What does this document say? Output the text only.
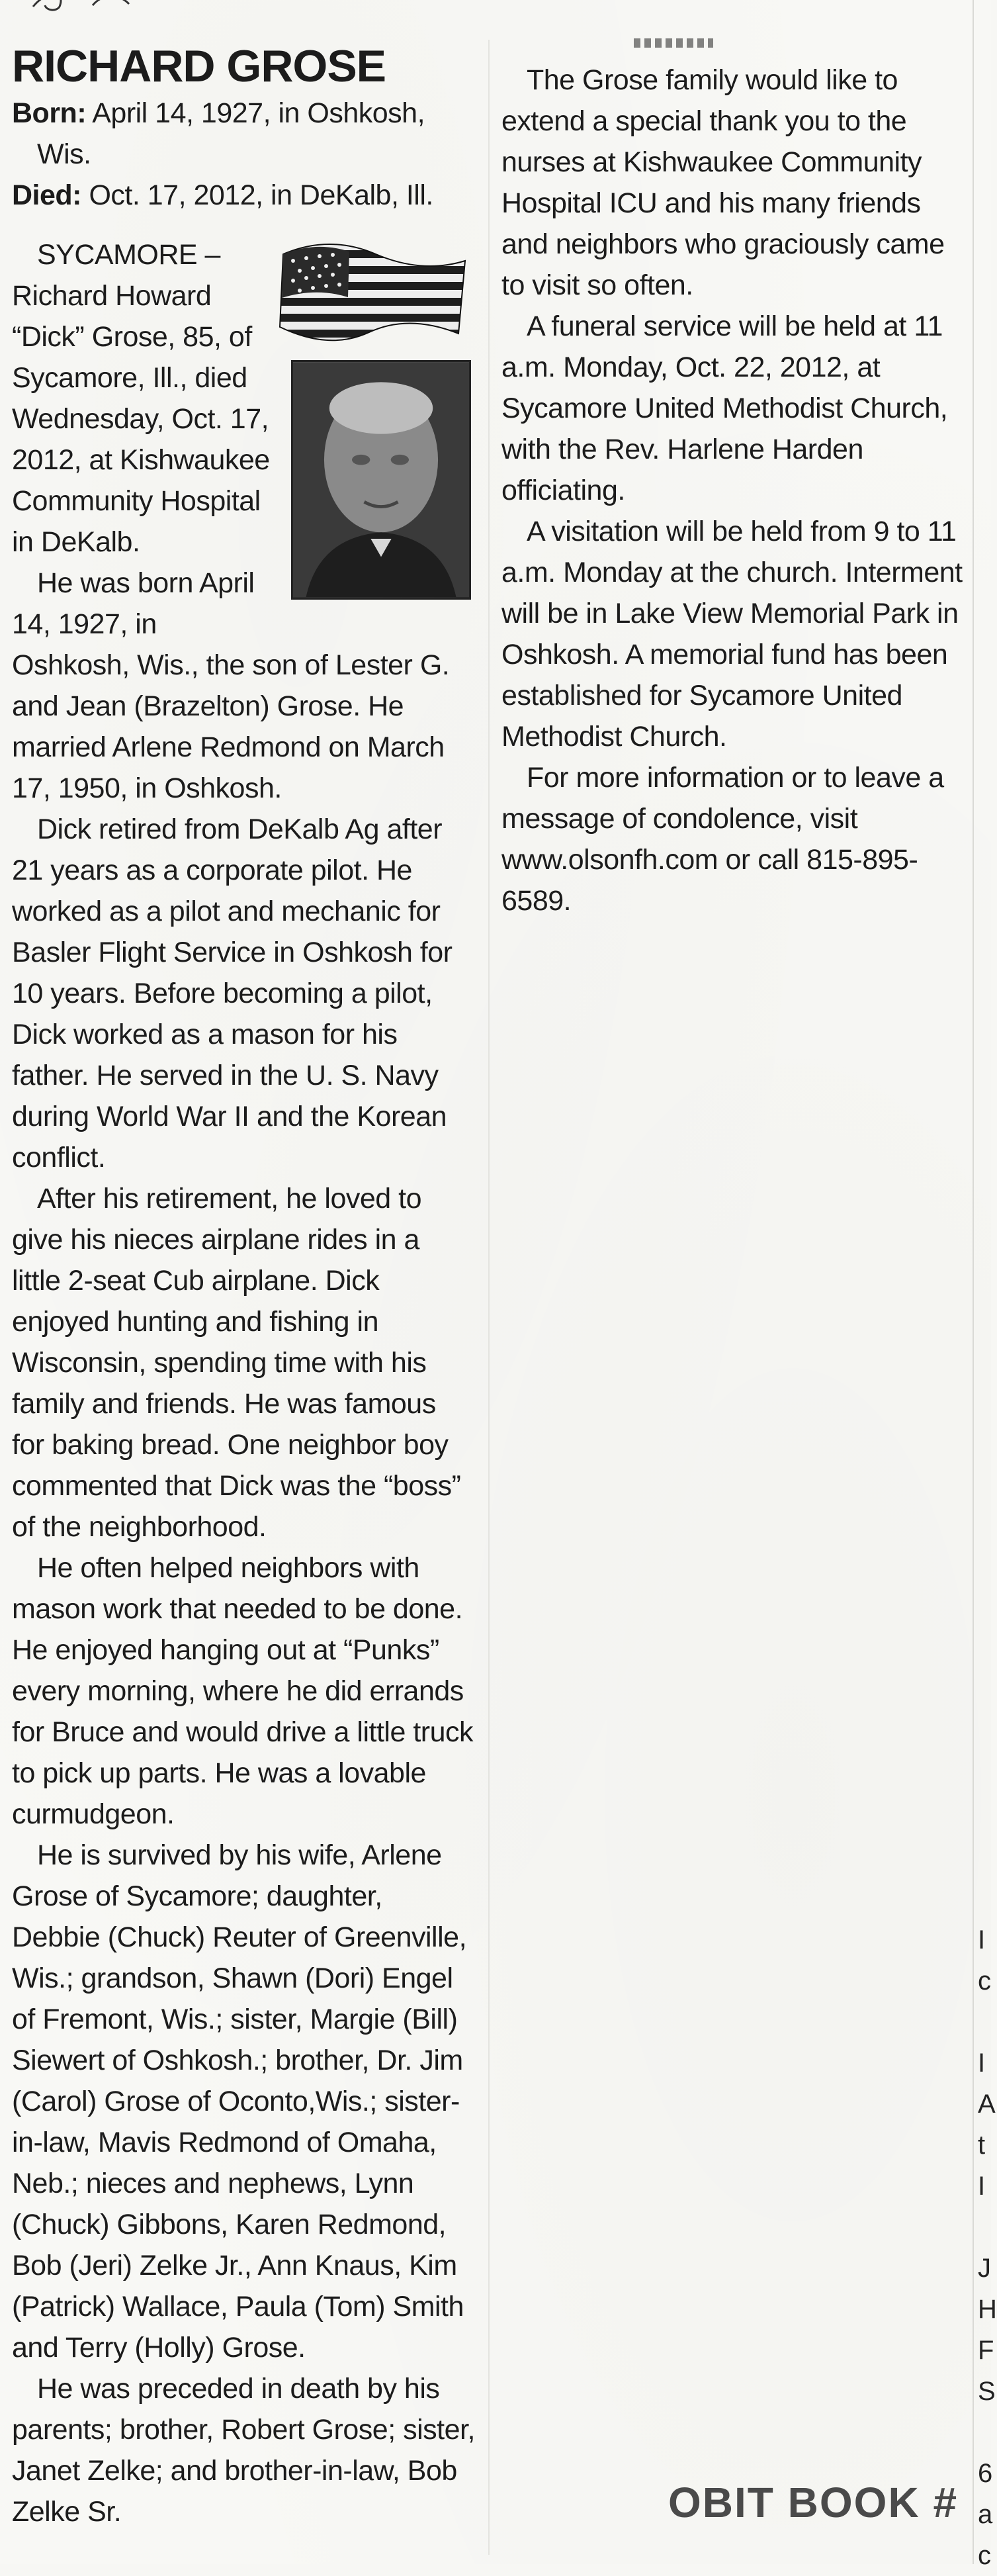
RICHARD GROSE

Born: April 14, 1927, in Oshkosh,
Wis.

Died: Oct. 17, 2012, in DeKalb, Ill.

SYCAMORE – Richard Howard “Dick” Grose, 85, of Sycamore, Ill., died Wednesday, Oct. 17, 2012, at Kishwaukee Community Hospital in DeKalb.

He was born April 14, 1927, in Oshkosh, Wis., the son of Lester G. and Jean (Brazelton) Grose. He married Arlene Redmond on March 17, 1950, in Oshkosh.

Dick retired from DeKalb Ag after 21 years as a corporate pilot. He worked as a pilot and mechanic for Basler Flight Service in Oshkosh for 10 years. Before becoming a pilot, Dick worked as a mason for his father. He served in the U. S. Navy during World War II and the Korean conflict.

After his retirement, he loved to give his nieces airplane rides in a little 2-seat Cub airplane. Dick enjoyed hunting and fishing in Wisconsin, spending time with his family and friends. He was famous for baking bread. One neighbor boy commented that Dick was the “boss” of the neighborhood.

He often helped neighbors with mason work that needed to be done. He enjoyed hanging out at “Punks” every morning, where he did errands for Bruce and would drive a little truck to pick up parts. He was a lovable curmudgeon.

He is survived by his wife, Arlene Grose of Sycamore; daughter, Debbie (Chuck) Reuter of Greenville, Wis.; grandson, Shawn (Dori) Engel of Fremont, Wis.; sister, Margie (Bill) Siewert of Oshkosh.; brother, Dr. Jim (Carol) Grose of Oconto,Wis.; sister-in-law, Mavis Redmond of Omaha, Neb.; nieces and nephews, Lynn (Chuck) Gibbons, Karen Redmond, Bob (Jeri) Zelke Jr., Ann Knaus, Kim (Patrick) Wallace, Paula (Tom) Smith and Terry (Holly) Grose.

He was preceded in death by his parents; brother, Robert Grose; sister, Janet Zelke; and brother-in-law, Bob Zelke Sr.

The Grose family would like to extend a special thank you to the nurses at Kishwaukee Community Hospital ICU and his many friends and neighbors who graciously came to visit so often.

A funeral service will be held at 11 a.m. Monday, Oct. 22, 2012, at Sycamore United Methodist Church, with the Rev. Harlene Harden officiating.

A visitation will be held from 9 to 11 a.m. Monday at the church. Interment will be in Lake View Memorial Park in Oshkosh. A memorial fund has been established for Sycamore United Methodist Church.

For more information or to leave a message of condolence, visit www.olsonfh.com or call 815-895-6589.

I
c
I
A
t
I
J
H
F
S
6
a
c
OBIT BOOK #
